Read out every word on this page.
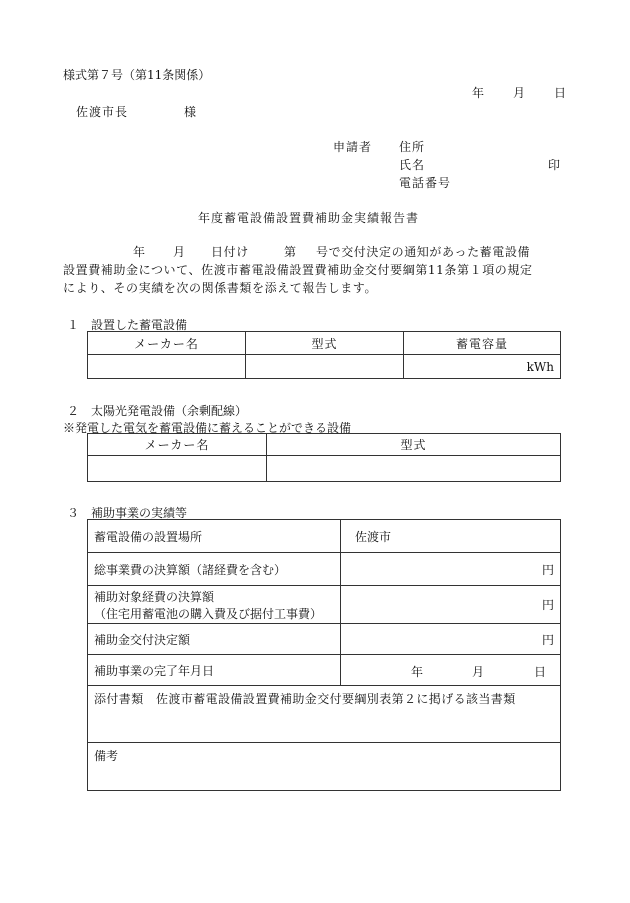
様式第７号（第11条関係）
年 月 日
佐渡市長	様
申請者 住所
氏名	印
電話番号
年度蓄電設備設置費補助金実績報告書
年 月 日付け	第 号で交付決定の通知があった蓄電設備
設置費補助金について、佐渡市蓄電設備設置費補助金交付要綱第11条第１項の規定
により、その実績を次の関係書類を添えて報告します。
１　設置した蓄電設備
メーカー名	型式	蓄電容量
		kWh
２　太陽光発電設備（余剰配線）
※発電した電気を蓄電設備に蓄えることができる設備
メーカー名	型式

３　補助事業の実績等
蓄電設備の設置場所	佐渡市
総事業費の決算額（諸経費を含む）	円

補助対象経費の決算額
（住宅用蓄電池の購入費及び据付工事費）	円
補助金交付決定額	円
補助事業の完了年月日	年 月 日

添付書類　佐渡市蓄電設備設置費補助金交付要綱別表第２に掲げる該当書類	
備考	
